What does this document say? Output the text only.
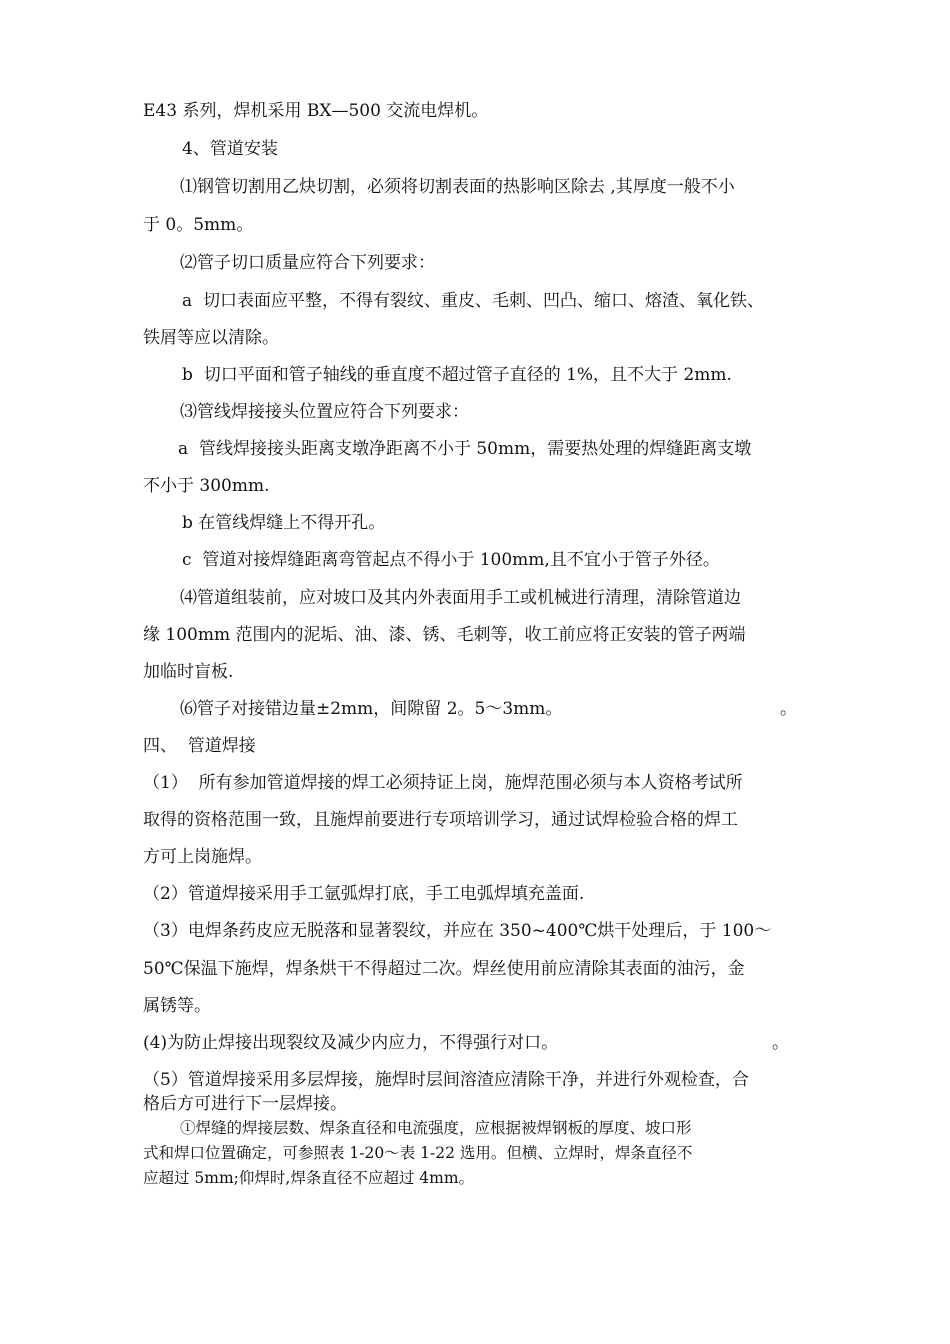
E43 系列，焊机采用 BX—500 交流电焊机。
4、管道安装
⑴钢管切割用乙炔切割，必须将切割表面的热影响区除去 ,其厚度一般不小
于 0。5mm。
⑵管子切口质量应符合下列要求：
a  切口表面应平整，不得有裂纹、重皮、毛刺、凹凸、缩口、熔渣、氧化铁、
铁屑等应以清除。
b  切口平面和管子轴线的垂直度不超过管子直径的 1%，且不大于 2mm.
⑶管线焊接接头位置应符合下列要求：
a  管线焊接接头距离支墩净距离不小于 50mm，需要热处理的焊缝距离支墩
不小于 300mm.
b 在管线焊缝上不得开孔。
c  管道对接焊缝距离弯管起点不得小于 100mm,且不宜小于管子外径。
⑷管道组装前，应对坡口及其内外表面用手工或机械进行清理，清除管道边
缘 100mm 范围内的泥垢、油、漆、锈、毛刺等，收工前应将正安装的管子两端
加临时盲板.
⑹管子对接错边量±2mm，间隙留 2。5～3mm。	。
四、  管道焊接
（1）  所有参加管道焊接的焊工必须持证上岗，施焊范围必须与本人资格考试所
取得的资格范围一致，且施焊前要进行专项培训学习，通过试焊检验合格的焊工
方可上岗施焊。
（2）管道焊接采用手工氩弧焊打底，手工电弧焊填充盖面.
（3）电焊条药皮应无脱落和显著裂纹，并应在 350~400℃烘干处理后，于 100～
50℃保温下施焊，焊条烘干不得超过二次。焊丝使用前应清除其表面的油污，金
属锈等。
(4)为防止焊接出现裂纹及减少内应力，不得强行对口。	。
（5）管道焊接采用多层焊接，施焊时层间溶渣应清除干净，并进行外观检查，合
格后方可进行下一层焊接。
①焊缝的焊接层数、焊条直径和电流强度，应根据被焊钢板的厚度、坡口形
式和焊口位置确定，可参照表 1-20～表 1-22 选用。但横、立焊时，焊条直径不
应超过 5mm;仰焊时,焊条直径不应超过 4mm。
